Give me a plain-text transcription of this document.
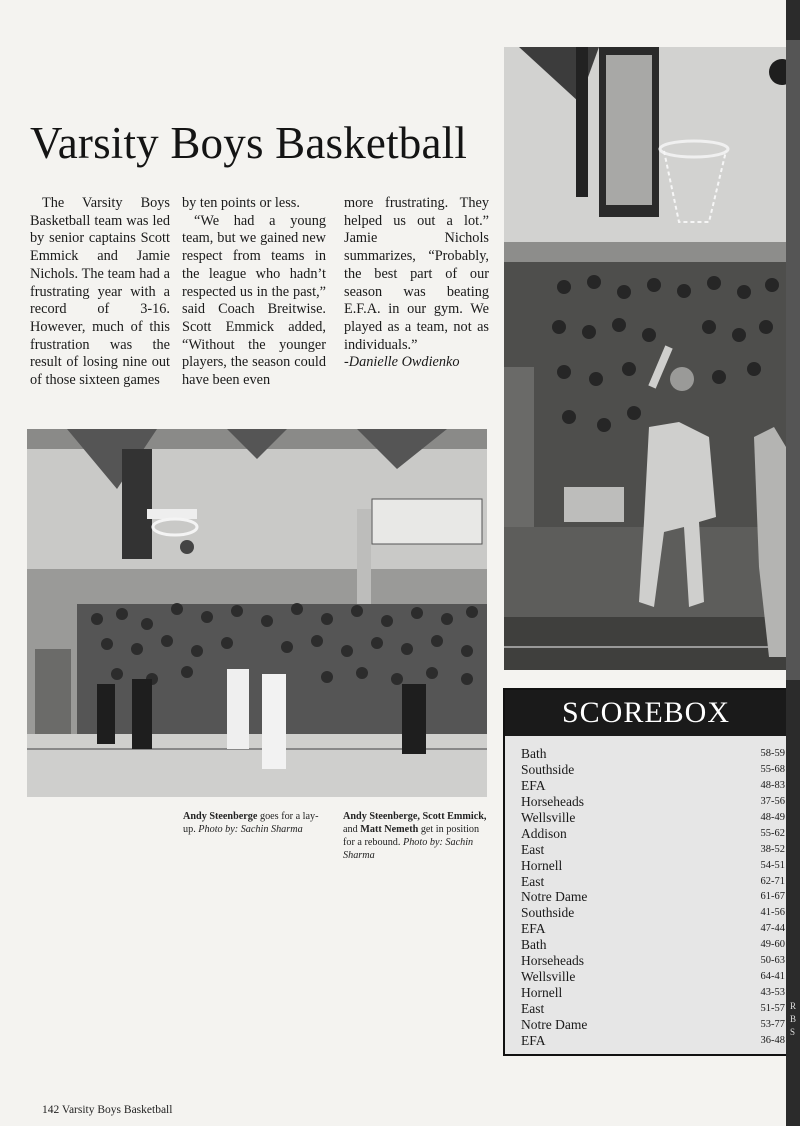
Varsity Boys Basketball

The Varsity Boys Basketball team was led by senior captains Scott Emmick and Jamie Nichols. The team had a frustrating year with a record of 3-16. However, much of this frustration was the result of losing nine out of those sixteen games

by ten points or less.

“We had a young team, but we gained new respect from teams in the league who hadn’t respected us in the past,” said Coach Breitwise. Scott Emmick added, “Without the younger players, the season could have been even

more frustrating. They helped us out a lot.” Jamie Nichols summarizes, “Probably, the best part of our season was beating E.F.A. in our gym. We played as a team, not as individuals.”

-Danielle Owdienko

Andy Steenberge goes for a lay-up. Photo by: Sachin Sharma
Andy Steenberge, Scott Emmick, and Matt Nemeth get in position for a rebound. Photo by: Sachin Sharma
SCOREBOX
Bath	58-59
Southside	55-68
EFA	48-83
Horseheads	37-56
Wellsville	48-49
Addison	55-62
East	38-52
Hornell	54-51
East	62-71
Notre Dame	61-67
Southside	41-56
EFA	47-44
Bath	49-60
Horseheads	50-63
Wellsville	64-41
Hornell	43-53
East	51-57
Notre Dame	53-77
EFA	36-48
142 Varsity Boys Basketball
R
B
S
